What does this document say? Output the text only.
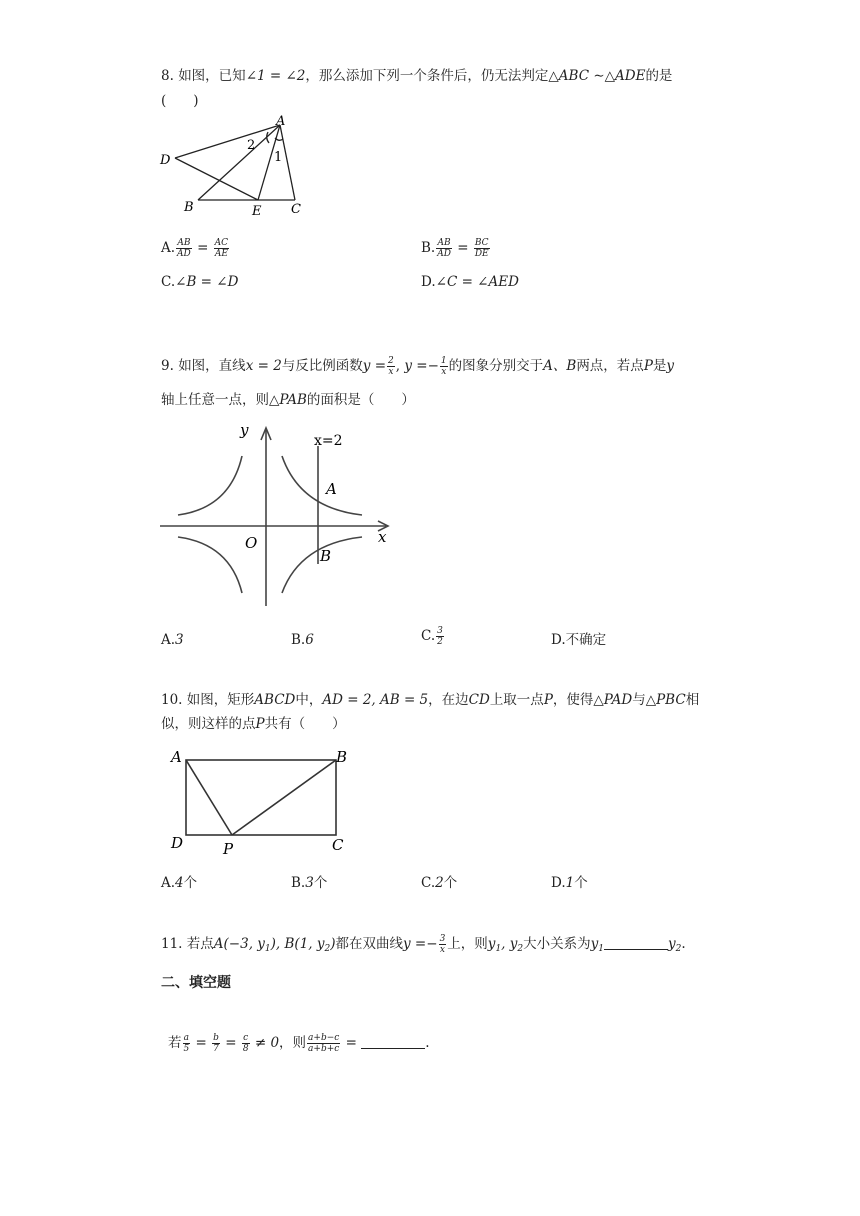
8. 如图，已知∠1 = ∠2，那么添加下列一个条件后，仍无法判定△ABC ∼△ADE的是
(　　)
A
D
B	E C
2
1
A. $\frac{AB}{AD} = \frac{AC}{AE}$	B. $\frac{AB}{AD} = \frac{BC}{DE}$
C.∠B = ∠D	D.∠C = ∠AED
9. 如图，直线x = 2与反比例函数$y = \frac{2}{x}$ , $y =- \frac{1}{x}$ 的图象分别交于A、B两点，若点P是y
轴上任意一点，则△PAB的面积是（　　）
y
x
O
x=2
A
B
A.3	B.6	C. $\frac{3}{2}$	D.不确定
10. 如图，矩形ABCD中，AD = 2, AB = 5，在边CD上取一点P，使得△PAD与△PBC相
似，则这样的点P共有（　　）
A	B
D	C
P
A.4个	B.3个	C.2个	D.1个
11. 若点A(−3, $y_1$), B(1, $y_2$)都在双曲线$y =- \frac{3}{x}$ 上，则$y_1$, $y_2$大小关系为$y_1$	$y_2$.
二、填空题
若 $\frac{a}{5} = \frac{b}{7} = \frac{c}{8} \ne 0$，则 $\frac{a+b-c}{a+b+c}$ =	.
